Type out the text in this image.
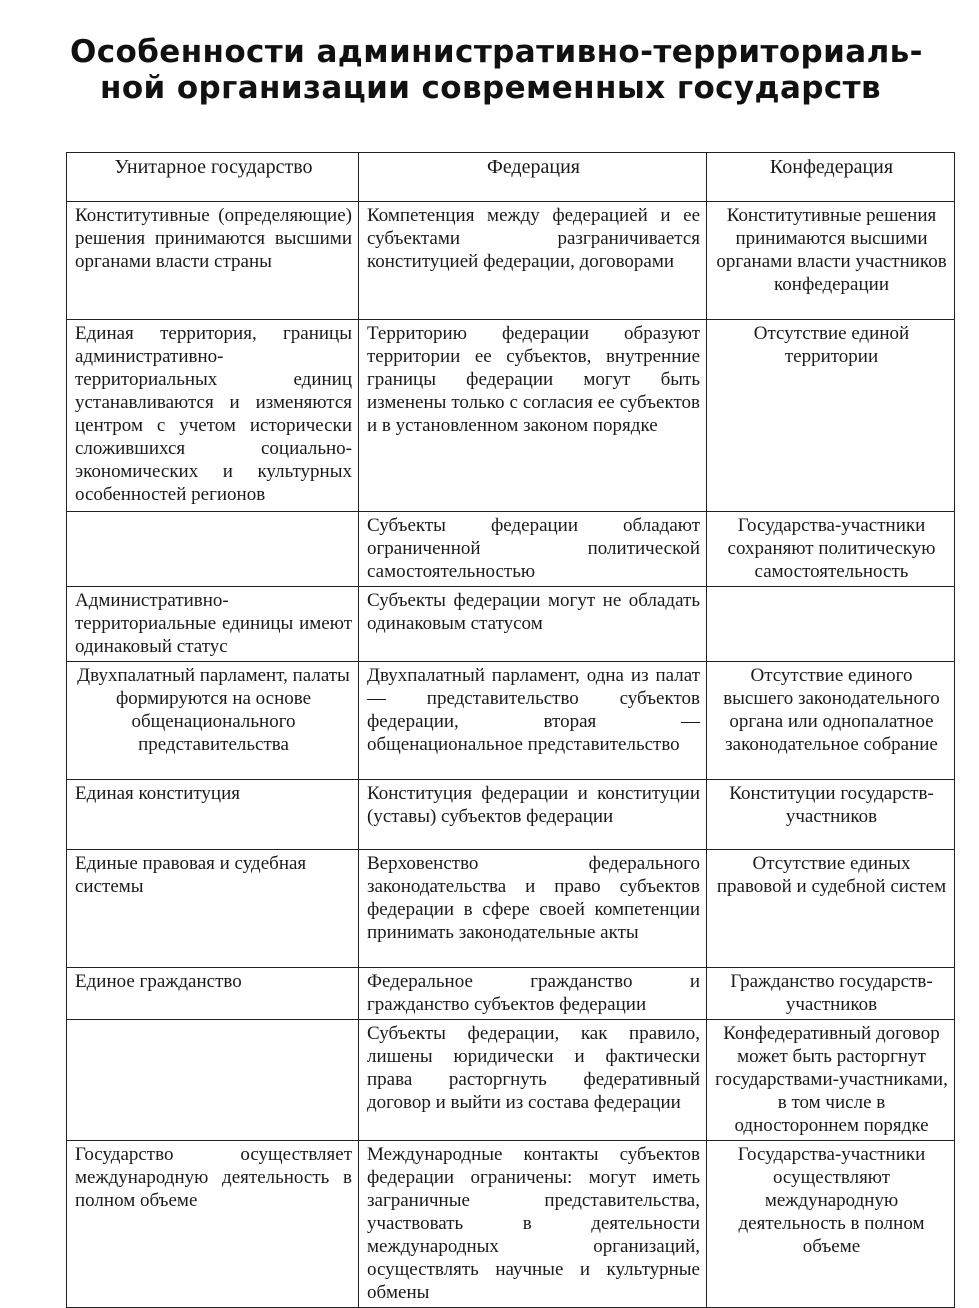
Особенности административно-территориаль-
ной организации современных государств
Унитарное государство	Федерация	Конфедерация
Конститутивные (определяющие) решения принимаются высшими органами власти страны	Компетенция между федерацией и ее субъектами разграничивается конституцией федерации, договорами	Конститутивные решения принимаются высшими органами власти участников конфедерации
Единая территория, границы административно-территориальных единиц устанавливаются и изменяются центром с учетом исторически сложившихся социально-экономических и культурных особенностей регионов	Территорию федерации образуют территории ее субъектов, внутренние границы федерации могут быть изменены только с согласия ее субъектов и в установленном законом порядке	Отсутствие единой территории
	Субъекты федерации обладают ограниченной политической самостоятельностью	Государства-участники сохраняют политическую самостоятельность
Административно-территориальные единицы имеют одинаковый статус	Субъекты федерации могут не обладать одинаковым статусом	
Двухпалатный парламент, палаты формируются на основе общенационального представительства	Двухпалатный парламент, одна из палат — представительство субъектов федерации, вторая — общенациональное представительство	Отсутствие единого высшего законодательного органа или однопалатное законодательное собрание
Единая конституция	Конституция федерации и конституции (уставы) субъектов федерации	Конституции государств-участников
Единые правовая и судебная системы	Верховенство федерального законодательства и право субъектов федерации в сфере своей компетенции принимать законодательные акты	Отсутствие единых правовой и судебной систем
Единое гражданство	Федеральное гражданство и гражданство субъектов федерации	Гражданство государств-участников
	Субъекты федерации, как правило, лишены юридически и фактически права расторгнуть федеративный договор и выйти из состава федерации	Конфедеративный договор может быть расторгнут государствами-участниками, в том числе в одностороннем порядке
Государство осуществляет международную деятельность в полном объеме	Международные контакты субъектов федерации ограничены: могут иметь заграничные представительства, участвовать в деятельности международных организаций, осуществлять научные и культурные обмены	Государства-участники осуществляют международную деятельность в полном объеме
